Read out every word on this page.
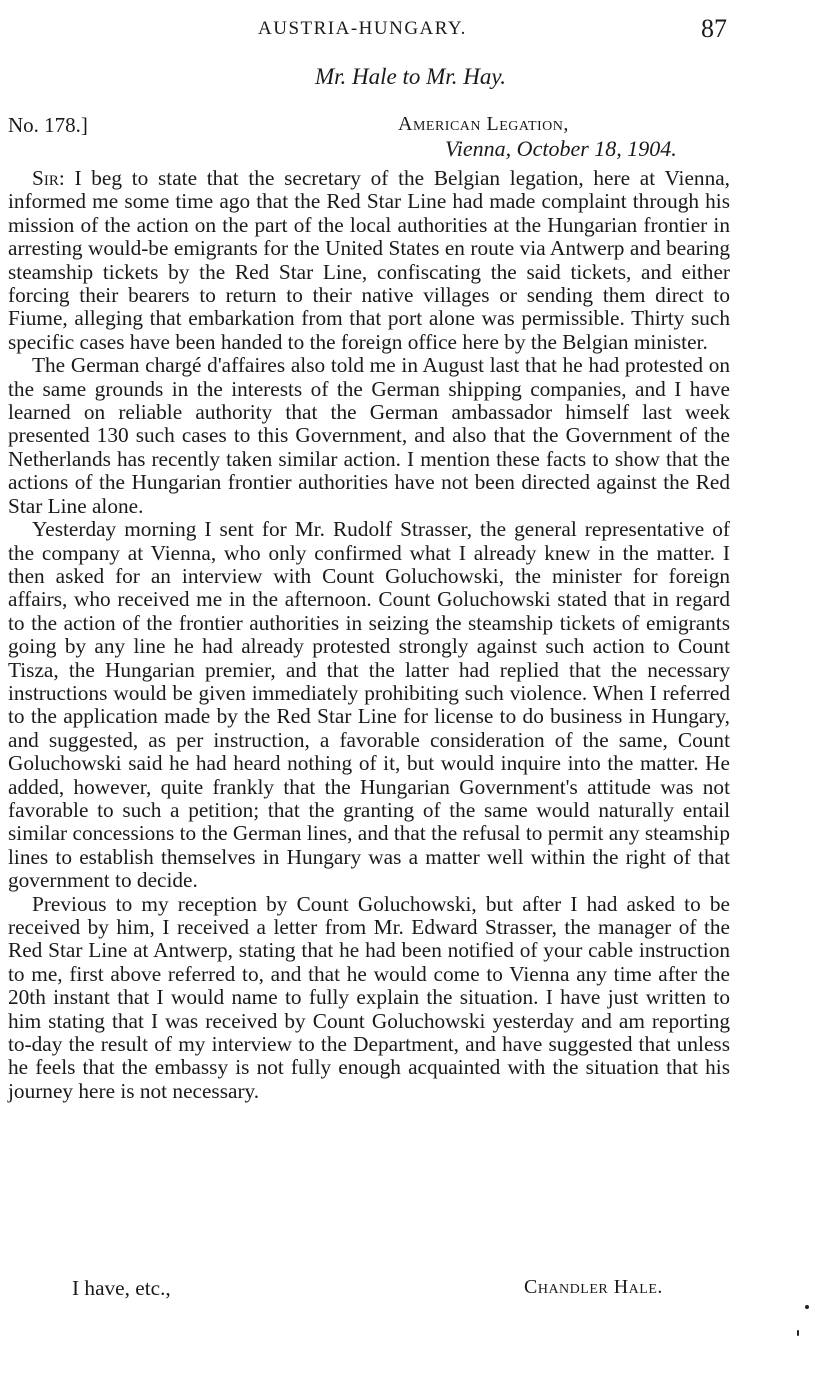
AUSTRIA-HUNGARY.	87
Mr. Hale to Mr. Hay.
No. 178.]	American Legation,
Vienna, October 18, 1904.

Sir: I beg to state that the secretary of the Belgian legation, here at Vienna, informed me some time ago that the Red Star Line had made complaint through his mission of the action on the part of the local authorities at the Hungarian frontier in arresting would-be emigrants for the United States en route via Antwerp and bearing steamship tickets by the Red Star Line, confiscating the said tickets, and either forcing their bearers to return to their native villages or sending them direct to Fiume, alleging that embarkation from that port alone was permissible. Thirty such specific cases have been handed to the foreign office here by the Belgian minister.

The German chargé d'affaires also told me in August last that he had protested on the same grounds in the interests of the German shipping companies, and I have learned on reliable authority that the German ambassador himself last week presented 130 such cases to this Government, and also that the Government of the Netherlands has recently taken similar action. I mention these facts to show that the actions of the Hungarian frontier authorities have not been directed against the Red Star Line alone.

Yesterday morning I sent for Mr. Rudolf Strasser, the general representative of the company at Vienna, who only confirmed what I already knew in the matter. I then asked for an interview with Count Goluchowski, the minister for foreign affairs, who received me in the afternoon. Count Goluchowski stated that in regard to the action of the frontier authorities in seizing the steamship tickets of emigrants going by any line he had already protested strongly against such action to Count Tisza, the Hungarian premier, and that the latter had replied that the necessary instructions would be given immediately prohibiting such violence. When I referred to the application made by the Red Star Line for license to do business in Hungary, and suggested, as per instruction, a favorable consideration of the same, Count Goluchowski said he had heard nothing of it, but would inquire into the matter. He added, however, quite frankly that the Hungarian Government's attitude was not favorable to such a petition; that the granting of the same would naturally entail similar concessions to the German lines, and that the refusal to permit any steamship lines to establish themselves in Hungary was a matter well within the right of that government to decide.

Previous to my reception by Count Goluchowski, but after I had asked to be received by him, I received a letter from Mr. Edward Strasser, the manager of the Red Star Line at Antwerp, stating that he had been notified of your cable instruction to me, first above referred to, and that he would come to Vienna any time after the 20th instant that I would name to fully explain the situation. I have just written to him stating that I was received by Count Goluchowski yesterday and am reporting to-day the result of my interview to the Department, and have suggested that unless he feels that the embassy is not fully enough acquainted with the situation that his journey here is not necessary.

I have, etc.,	Chandler Hale.
